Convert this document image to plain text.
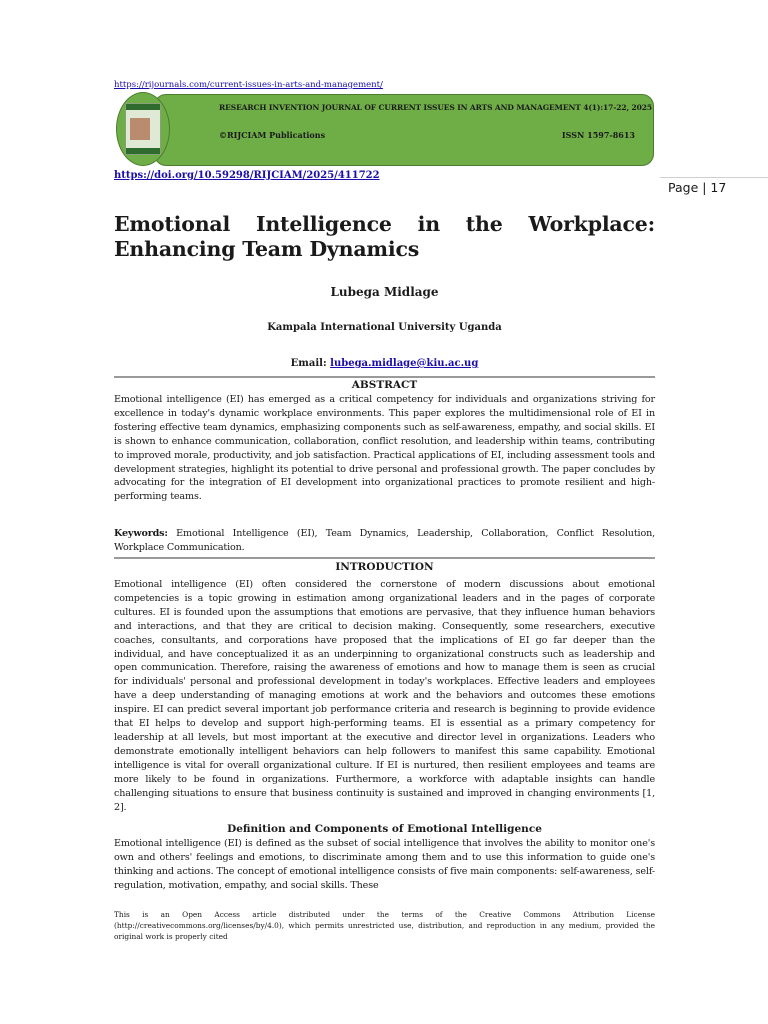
https://rijournals.com/current-issues-in-arts-and-management/
RESEARCH INVENTION JOURNAL OF CURRENT ISSUES IN ARTS AND MANAGEMENT 4(1):17-22, 2025
©RIJCIAM Publications	ISSN 1597-8613
https://doi.org/10.59298/RIJCIAM/2025/411722
Page | 17
Emotional Intelligence in the Workplace: Enhancing Team Dynamics
Lubega Midlage
Kampala International University Uganda
Email: lubega.midlage@kiu.ac.ug
ABSTRACT
Emotional intelligence (EI) has emerged as a critical competency for individuals and organizations striving for excellence in today's dynamic workplace environments. This paper explores the multidimensional role of EI in fostering effective team dynamics, emphasizing components such as self-awareness, empathy, and social skills. EI is shown to enhance communication, collaboration, conflict resolution, and leadership within teams, contributing to improved morale, productivity, and job satisfaction. Practical applications of EI, including assessment tools and development strategies, highlight its potential to drive personal and professional growth. The paper concludes by advocating for the integration of EI development into organizational practices to promote resilient and high-performing teams.
Keywords: Emotional Intelligence (EI), Team Dynamics, Leadership, Collaboration, Conflict Resolution, Workplace Communication.
INTRODUCTION
Emotional intelligence (EI) often considered the cornerstone of modern discussions about emotional competencies is a topic growing in estimation among organizational leaders and in the pages of corporate cultures. EI is founded upon the assumptions that emotions are pervasive, that they influence human behaviors and interactions, and that they are critical to decision making. Consequently, some researchers, executive coaches, consultants, and corporations have proposed that the implications of EI go far deeper than the individual, and have conceptualized it as an underpinning to organizational constructs such as leadership and open communication. Therefore, raising the awareness of emotions and how to manage them is seen as crucial for individuals' personal and professional development in today's workplaces. Effective leaders and employees have a deep understanding of managing emotions at work and the behaviors and outcomes these emotions inspire. EI can predict several important job performance criteria and research is beginning to provide evidence that EI helps to develop and support high-performing teams. EI is essential as a primary competency for leadership at all levels, but most important at the executive and director level in organizations. Leaders who demonstrate emotionally intelligent behaviors can help followers to manifest this same capability. Emotional intelligence is vital for overall organizational culture. If EI is nurtured, then resilient employees and teams are more likely to be found in organizations. Furthermore, a workforce with adaptable insights can handle challenging situations to ensure that business continuity is sustained and improved in changing environments [1, 2].
Definition and Components of Emotional Intelligence
Emotional intelligence (EI) is defined as the subset of social intelligence that involves the ability to monitor one's own and others' feelings and emotions, to discriminate among them and to use this information to guide one's thinking and actions. The concept of emotional intelligence consists of five main components: self-awareness, self-regulation, motivation, empathy, and social skills. These
This is an Open Access article distributed under the terms of the Creative Commons Attribution License (http://creativecommons.org/licenses/by/4.0), which permits unrestricted use, distribution, and reproduction in any medium, provided the original work is properly cited
